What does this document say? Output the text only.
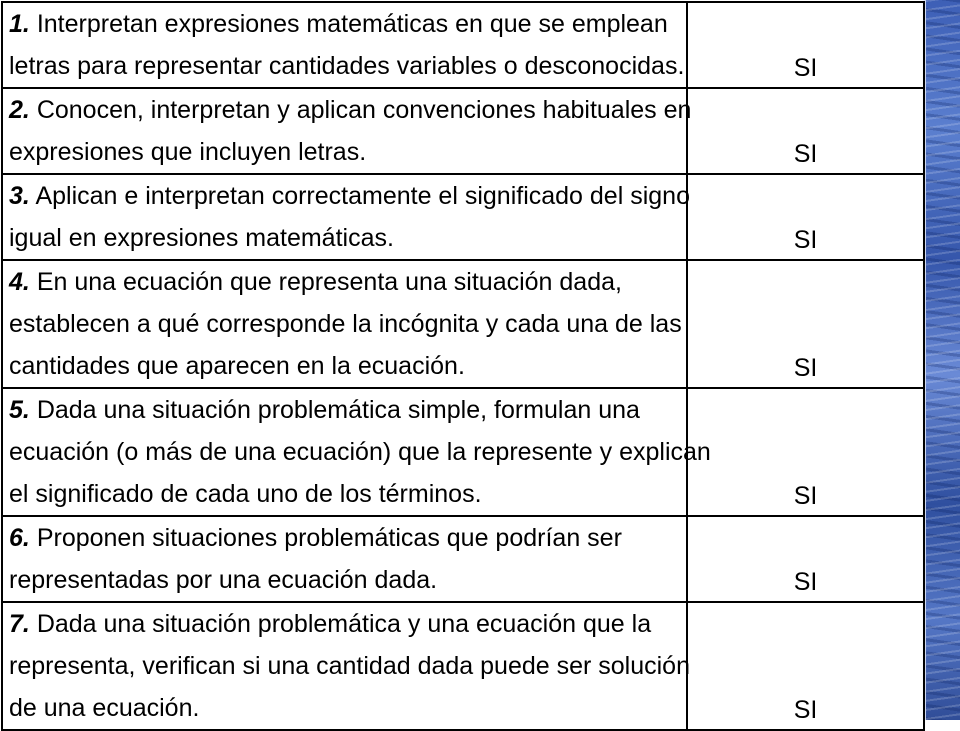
1. Interpretan expresiones matemáticas en que se emplean
letras para representar cantidades variables o desconocidas.	SI

2. Conocen, interpretan y aplican convenciones habituales en
expresiones que incluyen letras.	SI

3. Aplican e interpretan correctamente el significado del signo
igual en expresiones matemáticas.	SI

4. En una ecuación que representa una situación dada,
establecen a qué corresponde la incógnita y cada una de las
cantidades que aparecen en la ecuación.	SI

5. Dada una situación problemática simple, formulan una
ecuación (o más de una ecuación) que la represente y explican
el significado de cada uno de los términos.	SI

6. Proponen situaciones problemáticas que podrían ser
representadas por una ecuación dada.	SI

7. Dada una situación problemática y una ecuación que la
representa, verifican si una cantidad dada puede ser solución
de una ecuación.	SI
